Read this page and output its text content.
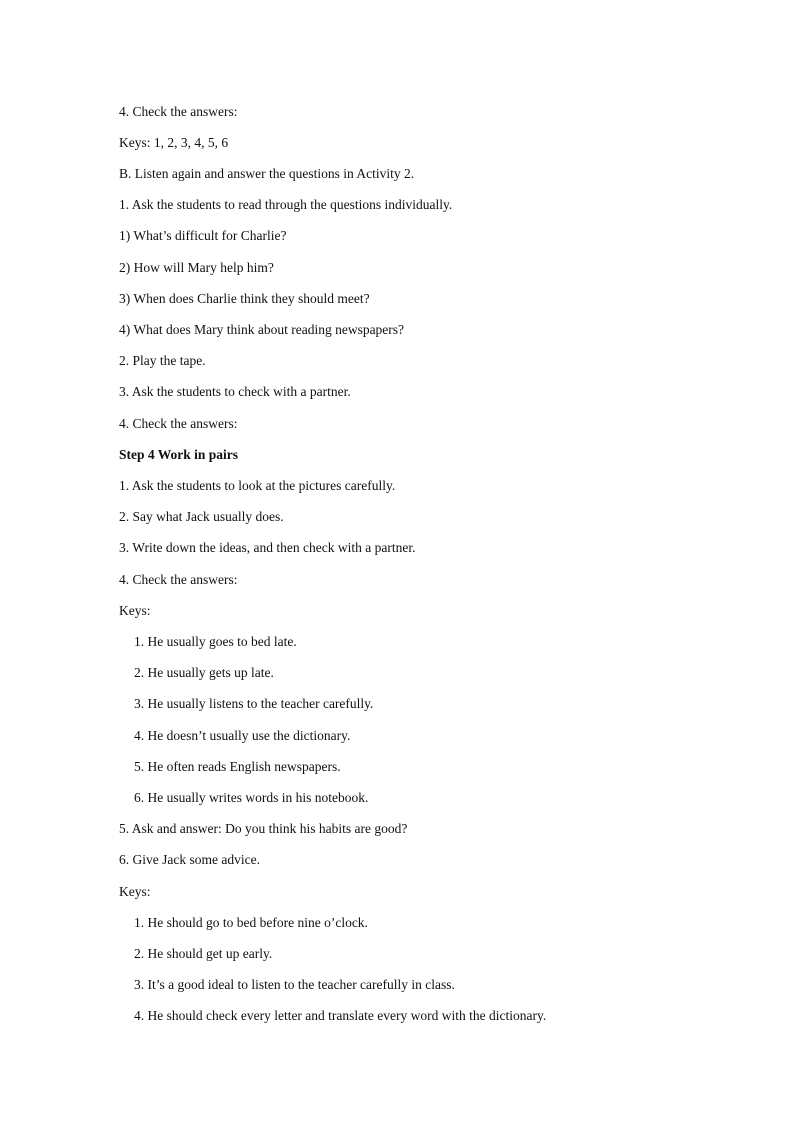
4. Check the answers:
Keys: 1, 2, 3, 4, 5, 6
B. Listen again and answer the questions in Activity 2.
1. Ask the students to read through the questions individually.
1) What’s difficult for Charlie?
2) How will Mary help him?
3) When does Charlie think they should meet?
4) What does Mary think about reading newspapers?
2. Play the tape.
3. Ask the students to check with a partner.
4. Check the answers:
Step 4 Work in pairs
1. Ask the students to look at the pictures carefully.
2. Say what Jack usually does.
3. Write down the ideas, and then check with a partner.
4. Check the answers:
Keys:
1. He usually goes to bed late.
2. He usually gets up late.
3. He usually listens to the teacher carefully.
4. He doesn’t usually use the dictionary.
5. He often reads English newspapers.
6. He usually writes words in his notebook.
5. Ask and answer: Do you think his habits are good?
6. Give Jack some advice.
Keys:
1. He should go to bed before nine o’clock.
2. He should get up early.
3. It’s a good ideal to listen to the teacher carefully in class.
4. He should check every letter and translate every word with the dictionary.
